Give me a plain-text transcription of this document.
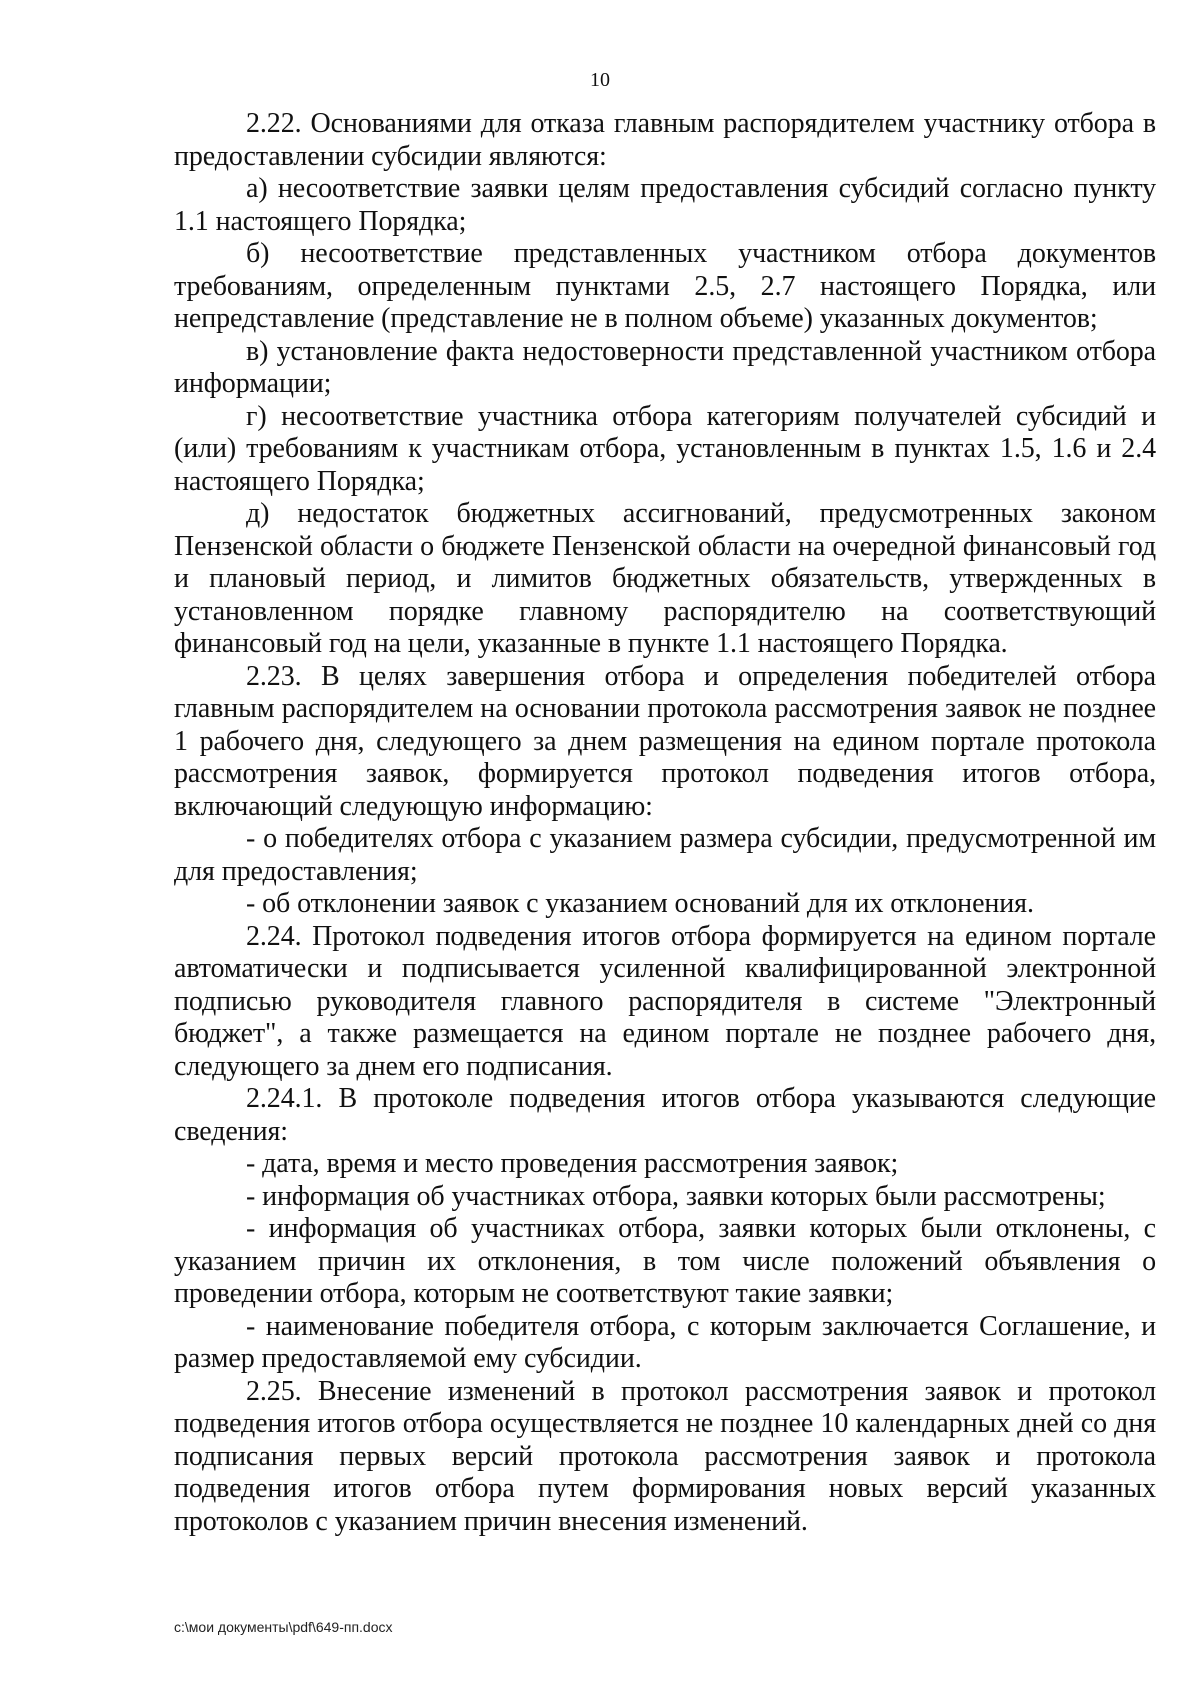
10

2.22. Основаниями для отказа главным распорядителем участнику отбора в предоставлении субсидии являются:

а) несоответствие заявки целям предоставления субсидий согласно пункту 1.1 настоящего Порядка;

б) несоответствие представленных участником отбора документов требованиям, определенным пунктами 2.5, 2.7 настоящего Порядка, или непредставление (представление не в полном объеме) указанных документов;

в) установление факта недостоверности представленной участником отбора информации;

г) несоответствие участника отбора категориям получателей субсидий и (или) требованиям к участникам отбора, установленным в пунктах 1.5, 1.6 и 2.4 настоящего Порядка;

д) недостаток бюджетных ассигнований, предусмотренных законом Пензенской области о бюджете Пензенской области на очередной финансовый год и плановый период, и лимитов бюджетных обязательств, утвержденных в установленном порядке главному распорядителю на соответствующий финансовый год на цели, указанные в пункте 1.1 настоящего Порядка.

2.23. В целях завершения отбора и определения победителей отбора главным распорядителем на основании протокола рассмотрения заявок не позднее 1 рабочего дня, следующего за днем размещения на едином портале протокола рассмотрения заявок, формируется протокол подведения итогов отбора, включающий следующую информацию:

- о победителях отбора с указанием размера субсидии, предусмотренной им для предоставления;

- об отклонении заявок с указанием оснований для их отклонения.

2.24. Протокол подведения итогов отбора формируется на едином портале автоматически и подписывается усиленной квалифицированной электронной подписью руководителя главного распорядителя в системе "Электронный бюджет", а также размещается на едином портале не позднее рабочего дня, следующего за днем его подписания.

2.24.1. В протоколе подведения итогов отбора указываются следующие сведения:

- дата, время и место проведения рассмотрения заявок;

- информация об участниках отбора, заявки которых были рассмотрены;

- информация об участниках отбора, заявки которых были отклонены, с указанием причин их отклонения, в том числе положений объявления о проведении отбора, которым не соответствуют такие заявки;

- наименование победителя отбора, с которым заключается Соглашение, и размер предоставляемой ему субсидии.

2.25. Внесение изменений в протокол рассмотрения заявок и протокол подведения итогов отбора осуществляется не позднее 10 календарных дней со дня подписания первых версий протокола рассмотрения заявок и протокола подведения итогов отбора путем формирования новых версий указанных протоколов с указанием причин внесения изменений.

c:\мои документы\pdf\649-пп.docx
